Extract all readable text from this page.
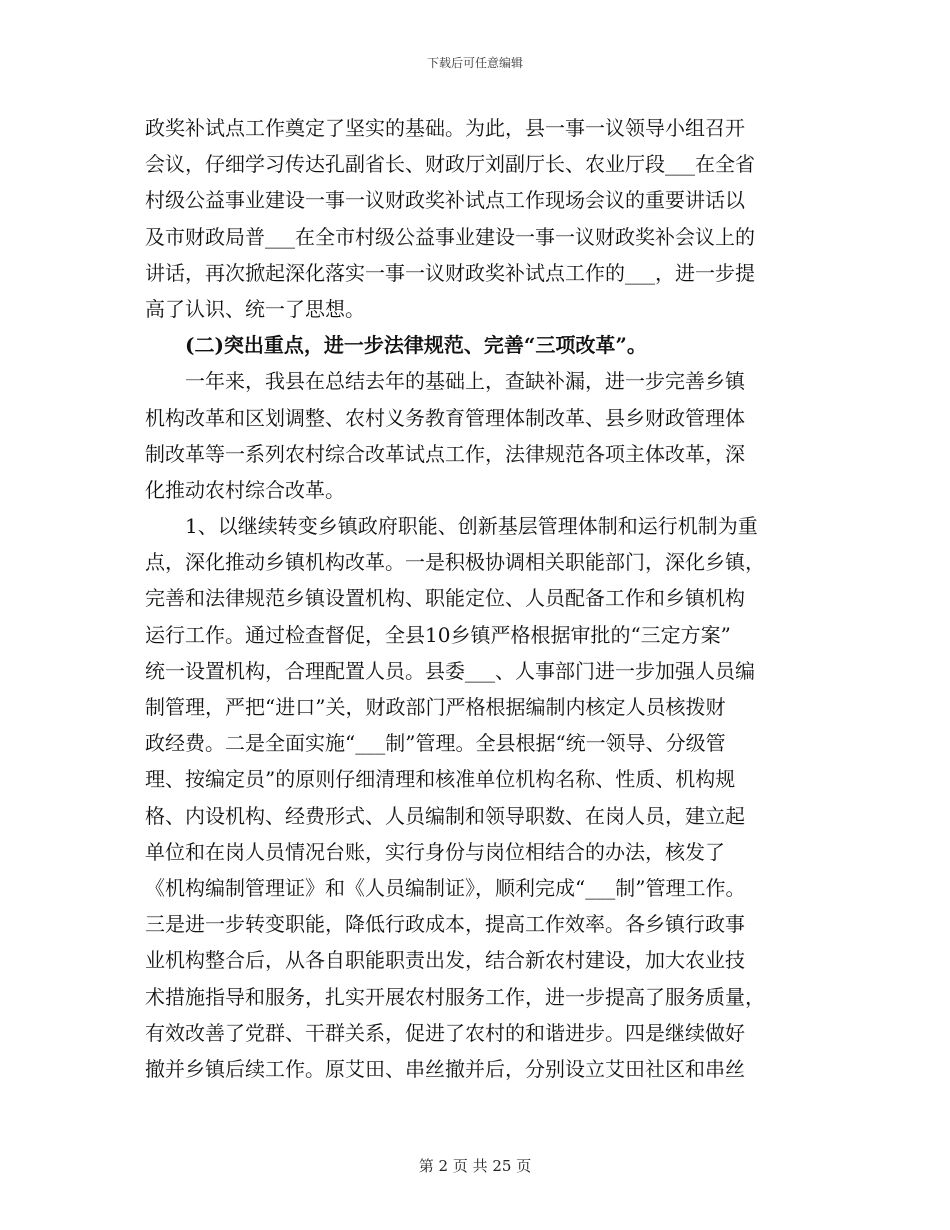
下载后可任意编辑
政奖补试点工作奠定了坚实的基础。为此，县一事一议领导小组召开
会议，仔细学习传达孔副省长、财政厅刘副厅长、农业厅段___在全省
村级公益事业建设一事一议财政奖补试点工作现场会议的重要讲话以
及市财政局普___在全市村级公益事业建设一事一议财政奖补会议上的
讲话，再次掀起深化落实一事一议财政奖补试点工作的___，进一步提
高了认识、统一了思想。
(二)突出重点，进一步法律规范、完善“三项改革”。
一年来，我县在总结去年的基础上，查缺补漏，进一步完善乡镇
机构改革和区划调整、农村义务教育管理体制改革、县乡财政管理体
制改革等一系列农村综合改革试点工作，法律规范各项主体改革，深
化推动农村综合改革。
1、以继续转变乡镇政府职能、创新基层管理体制和运行机制为重
点，深化推动乡镇机构改革。一是积极协调相关职能部门，深化乡镇，
完善和法律规范乡镇设置机构、职能定位、人员配备工作和乡镇机构
运行工作。通过检查督促，全县10乡镇严格根据审批的“三定方案”
统一设置机构，合理配置人员。县委___、人事部门进一步加强人员编
制管理，严把“进口”关，财政部门严格根据编制内核定人员核拨财
政经费。二是全面实施“___制”管理。全县根据“统一领导、分级管
理、按编定员”的原则仔细清理和核准单位机构名称、性质、机构规
格、内设机构、经费形式、人员编制和领导职数、在岗人员，建立起
单位和在岗人员情况台账，实行身份与岗位相结合的办法，核发了
《机构编制管理证》和《人员编制证》，顺利完成“___制”管理工作。
三是进一步转变职能，降低行政成本，提高工作效率。各乡镇行政事
业机构整合后，从各自职能职责出发，结合新农村建设，加大农业技
术措施指导和服务，扎实开展农村服务工作，进一步提高了服务质量，
有效改善了党群、干群关系，促进了农村的和谐进步。四是继续做好
撤并乡镇后续工作。原艾田、串丝撤并后，分别设立艾田社区和串丝
第 2 页 共 25 页
